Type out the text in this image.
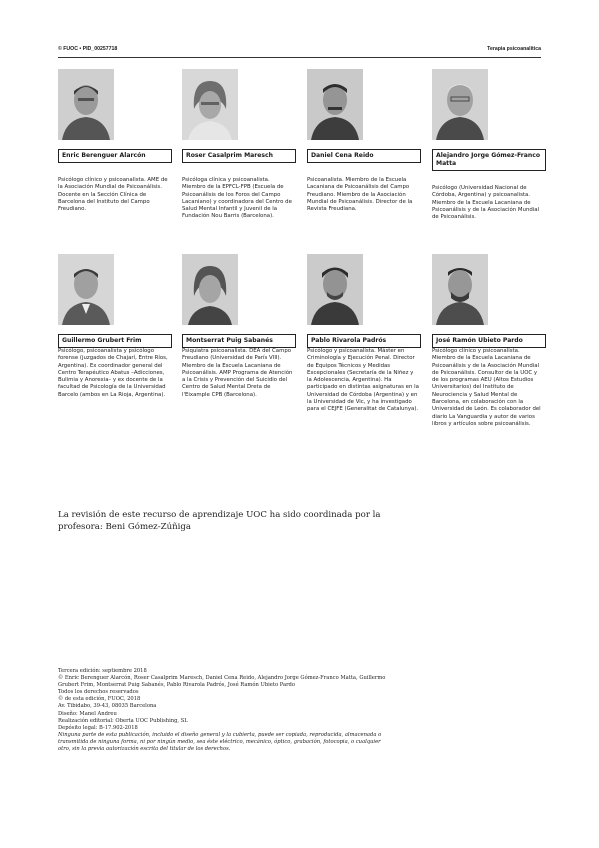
© FUOC • PID_00257718	Terapia psicoanalítica
Enric Berenguer Alarcón
Psicólogo clínico y psicoanalista. AME de la Asociación Mundial de Psicoanálisis. Docente en la Sección Clínica de Barcelona del Instituto del Campo Freudiano.
Roser Casalprim Maresch
Psicóloga clínica y psicoanalista. Miembro de la EPFCL-FPB (Escuela de Psicoanálisis de los Foros del Campo Lacaniano) y coordinadora del Centro de Salud Mental Infantil y Juvenil de la Fundación Nou Barris (Barcelona).
Daniel Cena Reido
Psicoanalista. Miembro de la Escuela Lacaniana de Psicoanálisis del Campo Freudiano. Miembro de la Asociación Mundial de Psicoanálisis. Director de la Revista Freudiana.
Alejandro Jorge Gómez-Franco Matta
Psicólogo (Universidad Nacional de Córdoba, Argentina) y psicoanalista. Miembro de la Escuela Lacaniana de Psicoanálisis y de la Asociación Mundial de Psicoanálisis.
Guillermo Grubert Frim
Psicólogo, psicoanalista y psicólogo forense (juzgados de Chajarí, Entre Ríos, Argentina). Ex coordinador general del Centro Terapéutico Abatus –Adicciones, Bulimia y Anorexia– y ex docente de la facultad de Psicología de la Universidad Barcelo (ambos en La Rioja, Argentina).
Montserrat Puig Sabanés
Psiquiatra psicoanalista. DEA del Campo Freudiano (Universidad de París VIII). Miembro de la Escuela Lacaniana de Psicoanálisis. AMP Programa de Atención a la Crisis y Prevención del Suicidio del Centro de Salud Mental Dreta de l'Eixample CPB (Barcelona).
Pablo Rivarola Padrós
Psicólogo y psicoanalista. Máster en Criminología y Ejecución Penal. Director de Equipos Técnicos y Medidas Excepcionales (Secretaría de la Niñez y la Adolescencia, Argentina). Ha participado en distintas asignaturas en la Universidad de Córdoba (Argentina) y en la Universidad de Vic, y ha investigado para el CEJFE (Generalitat de Catalunya).
José Ramón Ubieto Pardo
Psicólogo clínico y psicoanalista. Miembro de la Escuela Lacaniana de Psicoanálisis y de la Asociación Mundial de Psicoanálisis. Consultor de la UOC y de los programas AEU (Altos Estudios Universitarios) del Instituto de Neurociencia y Salud Mental de Barcelona, en colaboración con la Universidad de León. Es colaborador del diario La Vanguardia y autor de varios libros y artículos sobre psicoanálisis.
La revisión de este recurso de aprendizaje UOC ha sido coordinada por la profesora: Beni Gómez-Zúñiga
Tercera edición: septiembre 2018
© Enric Berenguer Alarcón, Roser Casalprim Maresch, Daniel Cena Reido, Alejandro Jorge Gómez-Franco Matta, Guillermo Grubert Frim, Montserrat Puig Sabanés, Pablo Rivarola Padrós, José Ramón Ubieto Pardo
Todos los derechos reservados
© de esta edición, FUOC, 2018
Av. Tibidabo, 39-43, 08035 Barcelona
Diseño: Manel Andreu
Realización editorial: Oberta UOC Publishing, SL
Depósito legal: B-17.902-2018
Ninguna parte de esta publicación, incluido el diseño general y la cubierta, puede ser copiada, reproducida, almacenada o transmitida de ninguna forma, ni por ningún medio, sea éste eléctrico, mecánico, óptico, grabación, fotocopia, o cualquier otro, sin la previa autorización escrita del titular de los derechos.
